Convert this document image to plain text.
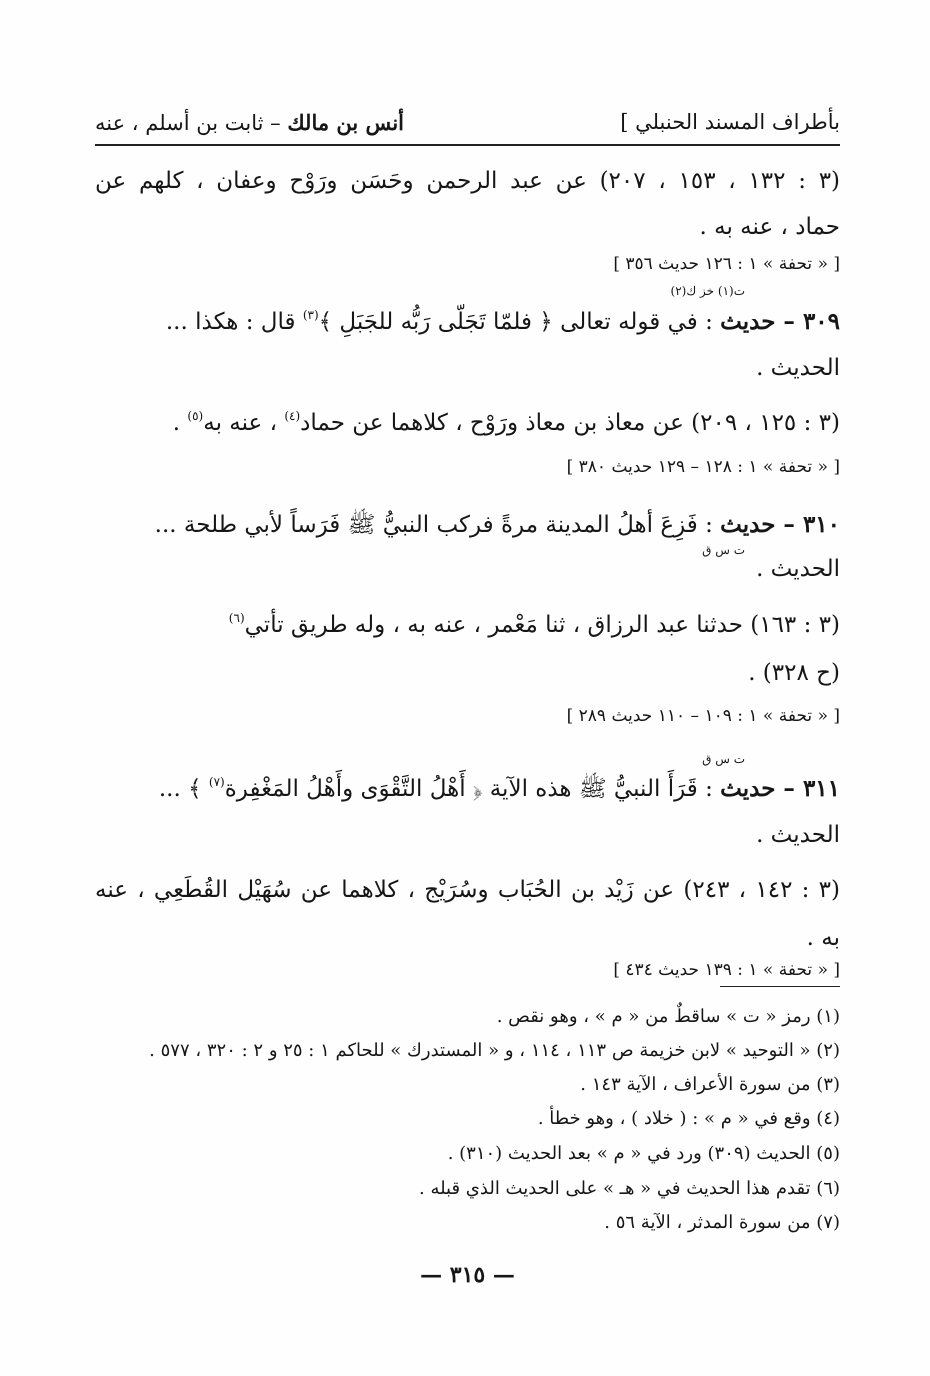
بأطراف المسند الحنبلي ]
أنس بن مالك – ثابت بن أسلم ، عنه
(٣ : ١٣٢ ، ١٥٣ ، ٢٠٧) عن عبد الرحمن وحَسَن ورَوْح وعفان ، كلهم عن
حماد ، عنه به .
[ « تحفة » ١ : ١٢٦ حديث ٣٥٦ ]
ت(١) خز ك(٢)
٣٠٩ – حديث : في قوله تعالى ﴿ فلمّا تَجَلّى رَبُّه للجَبَلِ ﴾$^{(٣)}$ قال : هكذا ...
الحديث .
(٣ : ١٢٥ ، ٢٠٩) عن معاذ بن معاذ ورَوْح ، كلاهما عن حماد$^{(٤)}$ ، عنه به$^{(٥)}$ .
[ « تحفة » ١ : ١٢٨ – ١٢٩ حديث ٣٨٠ ]
٣١٠ – حديث : فَزِعَ أهلُ المدينة مرةً فركب النبيُّ ﷺ فَرَساً لأبي طلحة ...
ت س ق
الحديث .
(٣ : ١٦٣) حدثنا عبد الرزاق ، ثنا مَعْمر ، عنه به ، وله طريق تأتي$^{(٦)}$
(ح ٣٢٨) .
[ « تحفة » ١ : ١٠٩ – ١١٠ حديث ٢٨٩ ]
ت س ق
٣١١ – حديث : قَرَأَ النبيُّ ﷺ هذه الآية ﴿ أَهْلُ التَّقْوَى وأَهْلُ المَغْفِرة$^{(٧)}$ ﴾ ...
الحديث .
(٣ : ١٤٢ ، ٢٤٣) عن زَيْد بن الحُبَاب وسُرَيْج ، كلاهما عن سُهَيْل القُطَعِي ، عنه
به .
[ « تحفة » ١ : ١٣٩ حديث ٤٣٤ ]
(١) رمز « ت » ساقطٌ من « م » ، وهو نقص .
(٢) « التوحيد » لابن خزيمة ص ١١٣ ، ١١٤ ، و « المستدرك » للحاكم ١ : ٢٥ و ٢ : ٣٢٠ ، ٥٧٧ .
(٣) من سورة الأعراف ، الآية ١٤٣ .
(٤) وقع في « م » : ( خلاد ) ، وهو خطأ .
(٥) الحديث (٣٠٩) ورد في « م » بعد الحديث (٣١٠) .
(٦) تقدم هذا الحديث في « هـ » على الحديث الذي قبله .
(٧) من سورة المدثر ، الآية ٥٦ .
— ٣١٥ —
